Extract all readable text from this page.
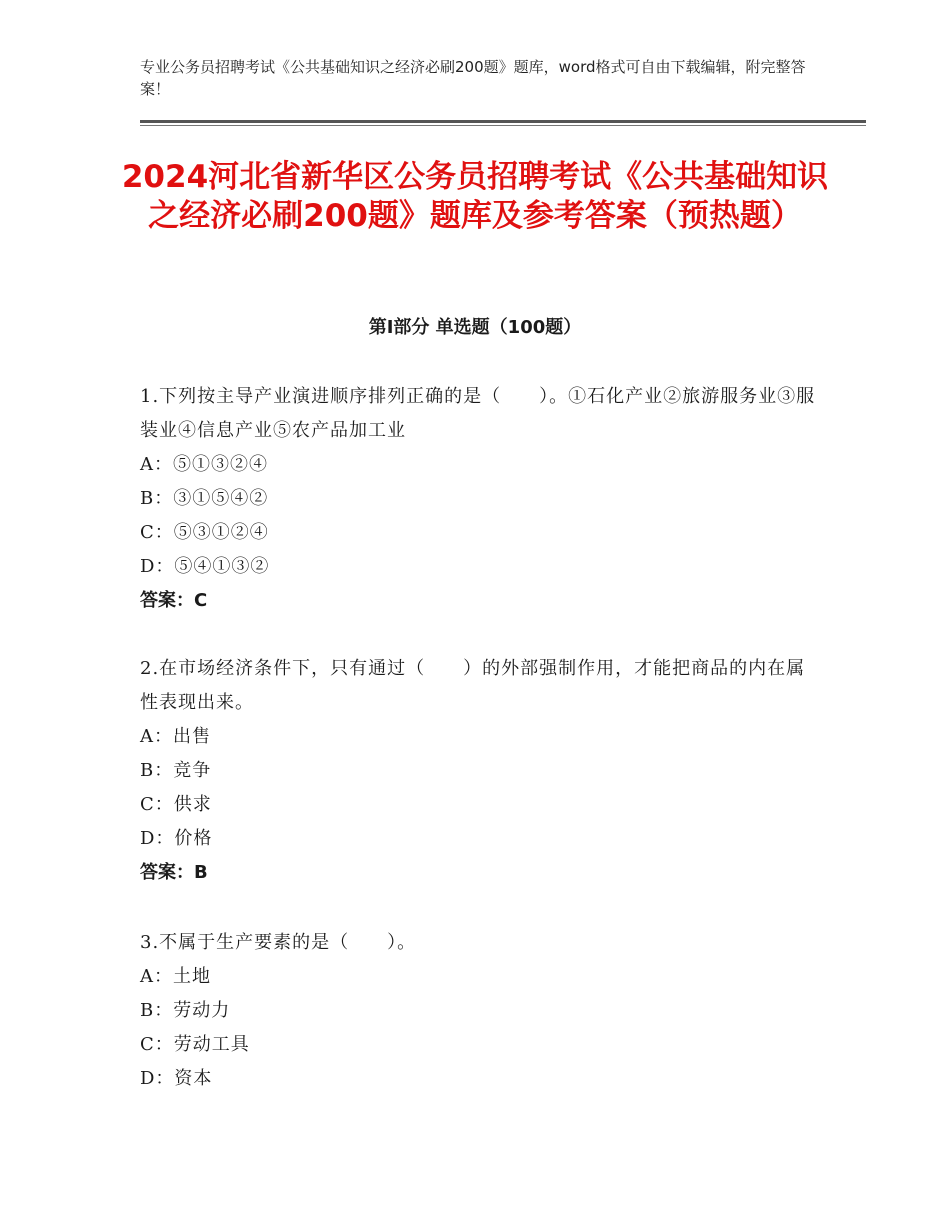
专业公务员招聘考试《公共基础知识之经济必刷200题》题库，word格式可自由下载编辑，附完整答案！
2024河北省新华区公务员招聘考试《公共基础知识之经济必刷200题》题库及参考答案（预热题）
第Ⅰ部分 单选题（100题）
1.下列按主导产业演进顺序排列正确的是（　　）。①石化产业②旅游服务业③服装业④信息产业⑤农产品加工业
A：⑤①③②④
B：③①⑤④②
C：⑤③①②④
D：⑤④①③②
答案：C
2.在市场经济条件下，只有通过（　　）的外部强制作用，才能把商品的内在属性表现出来。
A：出售
B：竞争
C：供求
D：价格
答案：B
3.不属于生产要素的是（　　）。
A：土地
B：劳动力
C：劳动工具
D：资本
